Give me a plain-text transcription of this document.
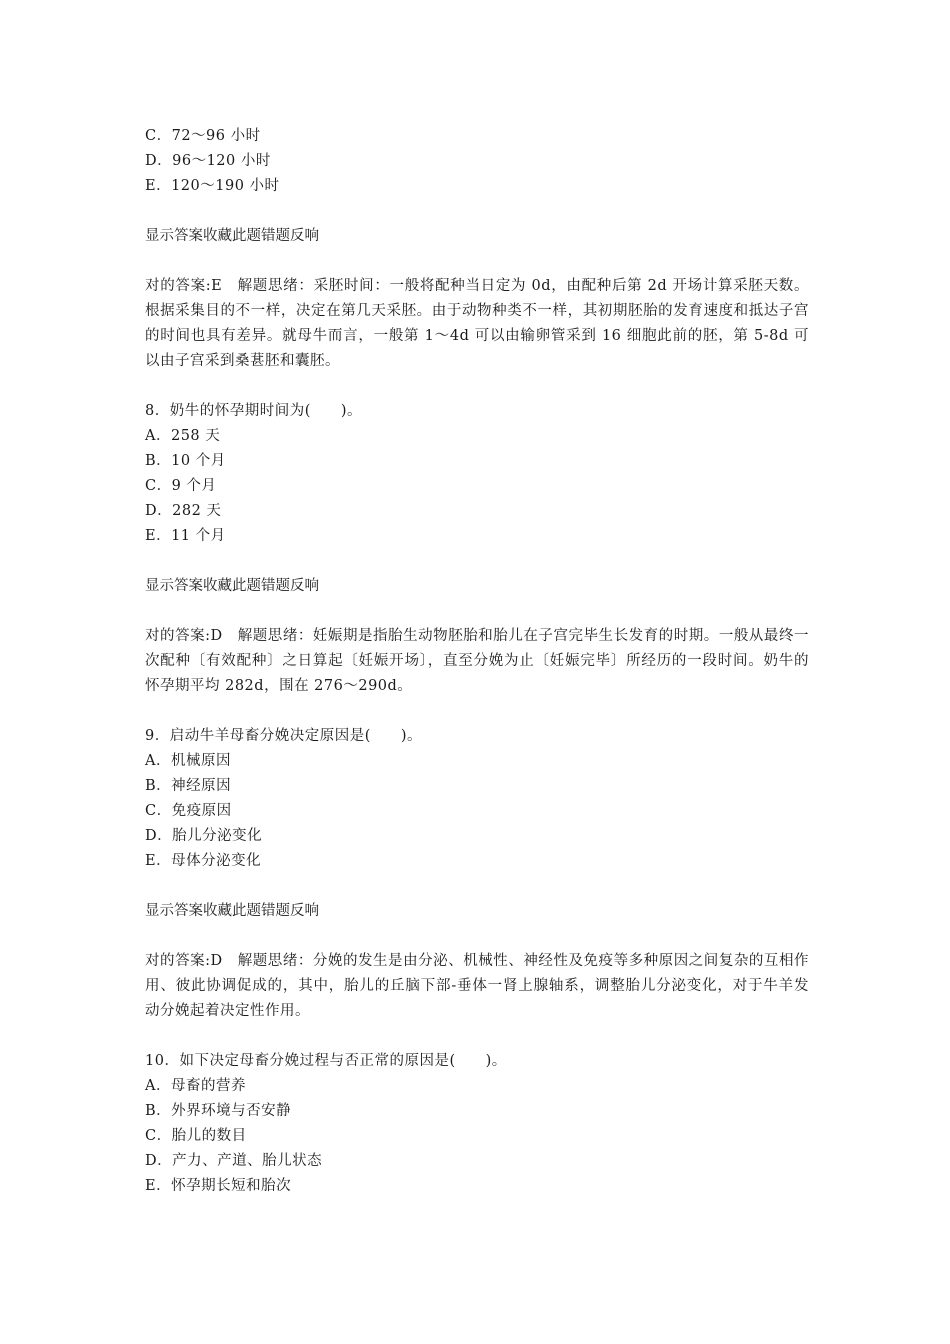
C．72～96 小时
D．96～120 小时
E．120～190 小时
显示答案收藏此题错题反响
对的答案:E　解题思绪：采胚时间：一般将配种当日定为 0d，由配种后第 2d 开场计算采胚天数。根据采集目的不一样，决定在第几天采胚。由于动物种类不一样，其初期胚胎的发育速度和抵达子宫的时间也具有差异。就母牛而言，一般第 1～4d 可以由输卵管采到 16 细胞此前的胚，第 5-8d 可以由子宫采到桑葚胚和囊胚。
8．奶牛的怀孕期时间为(　　)。
A．258 天
B．10 个月
C．9 个月
D．282 天
E．11 个月
显示答案收藏此题错题反响
对的答案:D　解题思绪：妊娠期是指胎生动物胚胎和胎儿在子宫完毕生长发育的时期。一般从最终一次配种〔有效配种〕之日算起〔妊娠开场〕，直至分娩为止〔妊娠完毕〕所经历的一段时间。奶牛的怀孕期平均 282d，围在 276～290d。
9．启动牛羊母畜分娩决定原因是(　　)。
A．机械原因
B．神经原因
C．免疫原因
D．胎儿分泌变化
E．母体分泌变化
显示答案收藏此题错题反响
对的答案:D　解题思绪：分娩的发生是由分泌、机械性、神经性及免疫等多种原因之间复杂的互相作用、彼此协调促成的，其中，胎儿的丘脑下部-垂体一肾上腺轴系，调整胎儿分泌变化，对于牛羊发动分娩起着决定性作用。
10．如下决定母畜分娩过程与否正常的原因是(　　)。
A．母畜的营养
B．外界环境与否安静
C．胎儿的数目
D．产力、产道、胎儿状态
E．怀孕期长短和胎次
